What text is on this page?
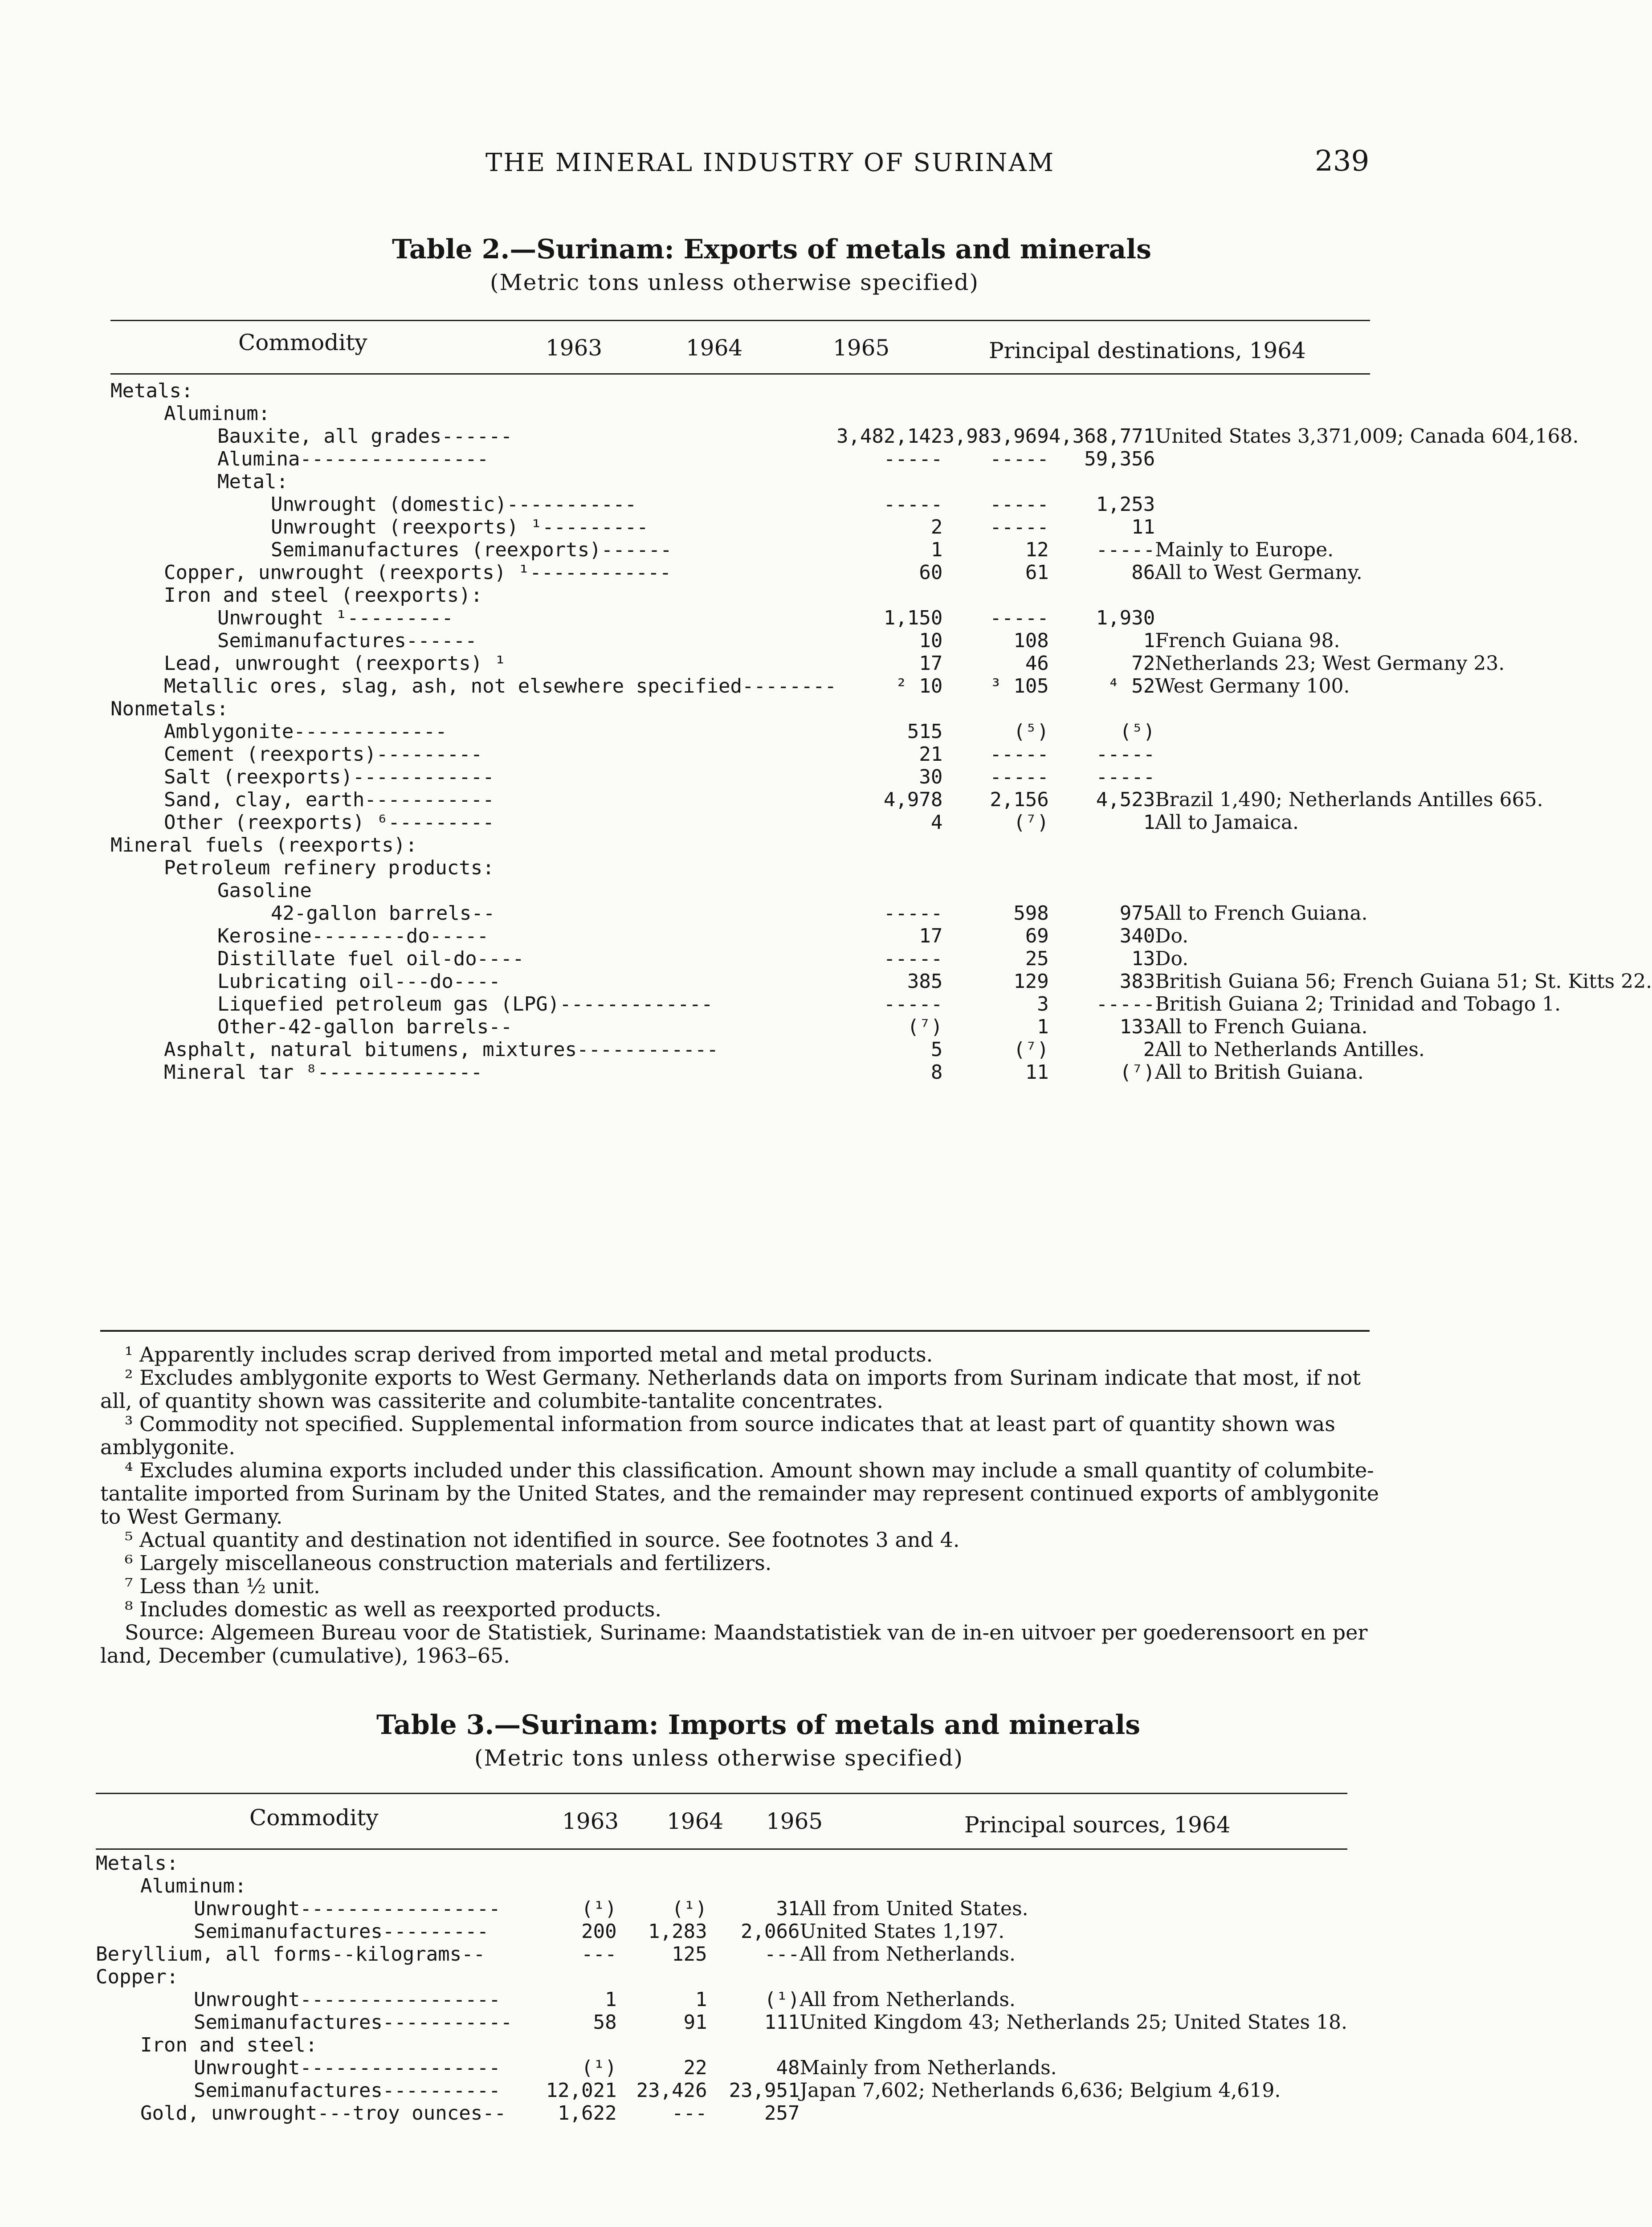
THE MINERAL INDUSTRY OF SURINAM	239
Table 2.—Surinam: Exports of metals and minerals
(Metric tons unless otherwise specified)
Commodity	1963	1964	1965	Principal destinations, 1964
Metals:				
Aluminum:				
Bauxite, all grades------	3,482,142	3,983,969	4,368,771	United States 3,371,009; Canada 604,168.
Alumina----------------	-----	-----	59,356	
Metal:				
Unwrought (domestic)-----------	-----	-----	1,253	
Unwrought (reexports) ¹---------	2	-----	11	
Semimanufactures (reexports)------	1	12	-----	Mainly to Europe.
Copper, unwrought (reexports) ¹------------	60	61	86	All to West Germany.
Iron and steel (reexports):				
Unwrought ¹---------	1,150	-----	1,930	
Semimanufactures------	10	108	1	French Guiana 98.
Lead, unwrought (reexports) ¹	17	46	72	Netherlands 23; West Germany 23.
Metallic ores, slag, ash, not elsewhere specified--------	² 10	³ 105	⁴ 52	West Germany 100.
Nonmetals:				
Amblygonite-------------	515	(⁵)	(⁵)	
Cement (reexports)---------	21	-----	-----	
Salt (reexports)------------	30	-----	-----	
Sand, clay, earth-----------	4,978	2,156	4,523	Brazil 1,490; Netherlands Antilles 665.
Other (reexports) ⁶---------	4	(⁷)	1	All to Jamaica.
Mineral fuels (reexports):				
Petroleum refinery products:				
Gasoline				
42-gallon barrels--	-----	598	975	All to French Guiana.
Kerosine--------do-----	17	69	340	Do.
Distillate fuel oil-do----	-----	25	13	Do.
Lubricating oil---do----	385	129	383	British Guiana 56; French Guiana 51; St. Kitts 22.
Liquefied petroleum gas (LPG)-------------	-----	3	-----	British Guiana 2; Trinidad and Tobago 1.
Other-42-gallon barrels--	(⁷)	1	133	All to French Guiana.
Asphalt, natural bitumens, mixtures------------	5	(⁷)	2	All to Netherlands Antilles.
Mineral tar ⁸--------------	8	11	(⁷)	All to British Guiana.

¹ Apparently includes scrap derived from imported metal and metal products.

² Excludes amblygonite exports to West Germany. Netherlands data on imports from Surinam indicate that most, if not all, of quantity shown was cassiterite and columbite-tantalite concentrates.

³ Commodity not specified. Supplemental information from source indicates that at least part of quantity shown was amblygonite.

⁴ Excludes alumina exports included under this classification. Amount shown may include a small quantity of columbite-tantalite imported from Surinam by the United States, and the remainder may represent continued exports of amblygonite to West Germany.

⁵ Actual quantity and destination not identified in source. See footnotes 3 and 4.

⁶ Largely miscellaneous construction materials and fertilizers.

⁷ Less than ½ unit.

⁸ Includes domestic as well as reexported products.

Source: Algemeen Bureau voor de Statistiek, Suriname: Maandstatistiek van de in-en uitvoer per goederensoort en per land, December (cumulative), 1963–65.

Table 3.—Surinam: Imports of metals and minerals
(Metric tons unless otherwise specified)
Commodity	1963 1964 1965	Principal sources, 1964
Metals:				
Aluminum:				
Unwrought-----------------	(¹)	(¹)	31	All from United States.
Semimanufactures---------	200	1,283	2,066	United States 1,197.
Beryllium, all forms--kilograms--	---	125	---	All from Netherlands.
Copper:				
Unwrought-----------------	1	1	(¹)	All from Netherlands.
Semimanufactures-----------	58	91	111	United Kingdom 43; Netherlands 25; United States 18.
Iron and steel:				
Unwrought-----------------	(¹)	22	48	Mainly from Netherlands.
Semimanufactures----------	12,021	23,426	23,951	Japan 7,602; Netherlands 6,636; Belgium 4,619.
Gold, unwrought---troy ounces--	1,622	---	257	
